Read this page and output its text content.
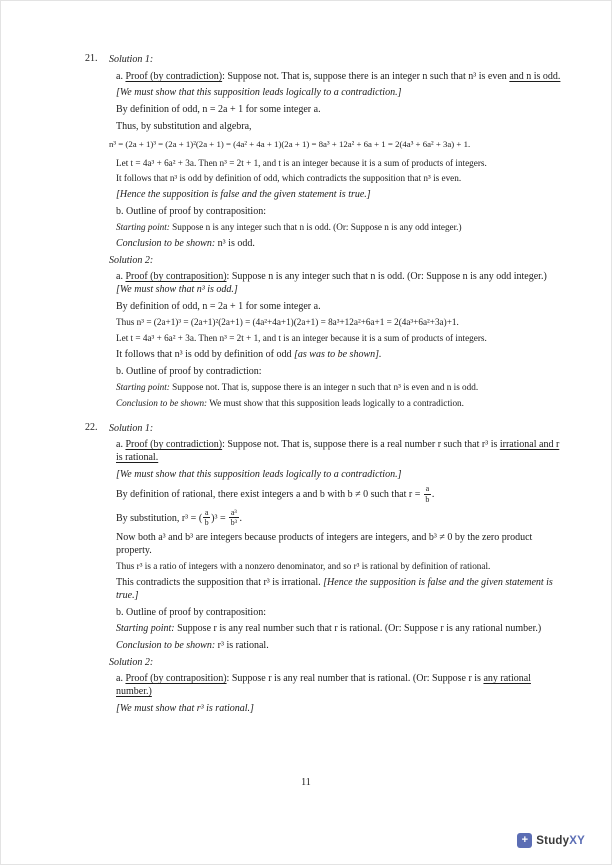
21.	Solution 1:

a. Proof (by contradiction): Suppose not. That is, suppose there is an integer n such that n³ is even and n is odd.

[We must show that this supposition leads logically to a contradiction.]

By definition of odd, n = 2a + 1 for some integer a.

Thus, by substitution and algebra,

n³ = (2a + 1)³ = (2a + 1)²(2a + 1) = (4a² + 4a + 1)(2a + 1) = 8a³ + 12a² + 6a + 1 = 2(4a³ + 6a² + 3a) + 1.

Let t = 4a³ + 6a² + 3a. Then n³ = 2t + 1, and t is an integer because it is a sum of products of integers.

It follows that n³ is odd by definition of odd, which contradicts the supposition that n³ is even.

[Hence the supposition is false and the given statement is true.]

b. Outline of proof by contraposition:

Starting point: Suppose n is any integer such that n is odd. (Or: Suppose n is any odd integer.)

Conclusion to be shown: n³ is odd.

Solution 2:

a. Proof (by contraposition): Suppose n is any integer such that n is odd. (Or: Suppose n is any odd integer.) [We must show that n³ is odd.]

By definition of odd, n = 2a + 1 for some integer a.

Thus n³ = (2a+1)³ = (2a+1)²(2a+1) = (4a²+4a+1)(2a+1) = 8a³+12a²+6a+1 = 2(4a³+6a²+3a)+1.

Let t = 4a³ + 6a² + 3a. Then n³ = 2t + 1, and t is an integer because it is a sum of products of integers.

It follows that n³ is odd by definition of odd [as was to be shown].

b. Outline of proof by contradiction:

Starting point: Suppose not. That is, suppose there is an integer n such that n³ is even and n is odd.

Conclusion to be shown: We must show that this supposition leads logically to a contradiction.

22.	Solution 1:

a. Proof (by contradiction): Suppose not. That is, suppose there is a real number r such that r³ is irrational and r is rational.

[We must show that this supposition leads logically to a contradiction.]

By definition of rational, there exist integers a and b with b ≠ 0 such that $r = \frac{a}{b}$ .

By substitution, r³ = ( $\frac{a}{b} )^3 = \frac{\text{a³}}{\text{b³}}$ .

Now both a³ and b³ are integers because products of integers are integers, and b³ ≠ 0 by the zero product property.

Thus r³ is a ratio of integers with a nonzero denominator, and so r³ is rational by definition of rational.

This contradicts the supposition that r³ is irrational. [Hence the supposition is false and the given statement is true.]

b. Outline of proof by contraposition:

Starting point: Suppose r is any real number such that r is rational. (Or: Suppose r is any rational number.)

Conclusion to be shown: r³ is rational.

Solution 2:

a. Proof (by contraposition): Suppose r is any real number that is rational. (Or: Suppose r is any rational number.)

[We must show that r³ is rational.]

11
+ StudyXY
